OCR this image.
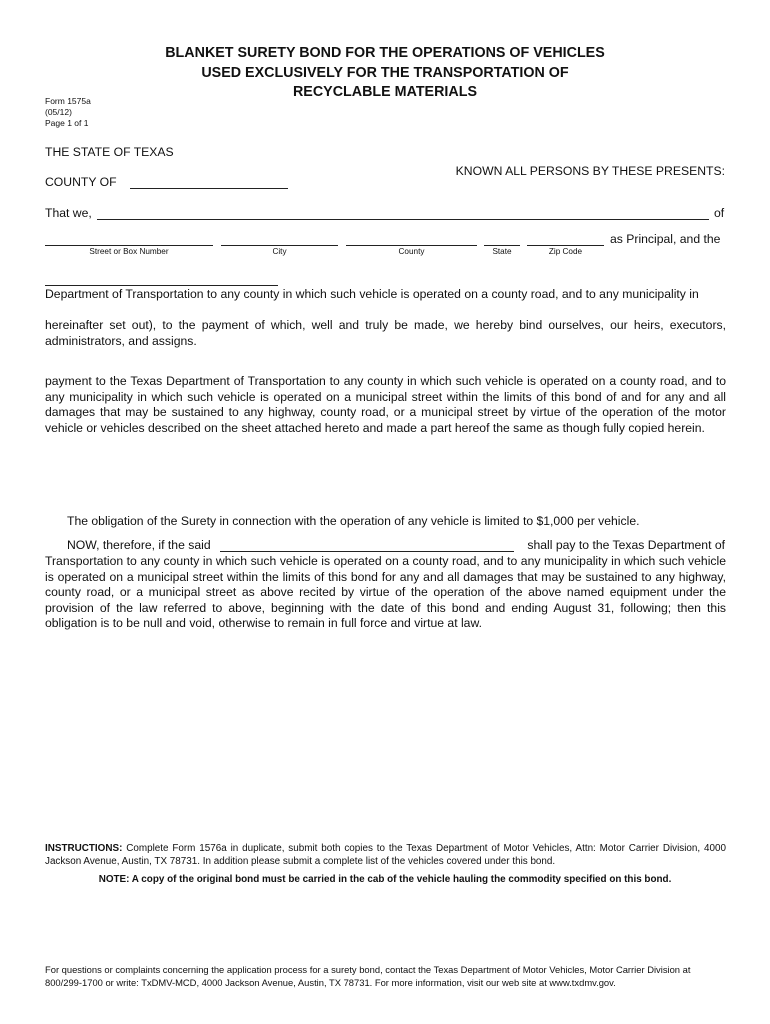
BLANKET SURETY BOND FOR THE OPERATIONS OF VEHICLES
USED EXCLUSIVELY FOR THE TRANSPORTATION OF
RECYCLABLE MATERIALS
Form 1575a
(05/12)
Page 1 of 1
THE STATE OF TEXAS
KNOWN ALL PERSONS BY THESE PRESENTS:
COUNTY OF
That we,	of
as Principal, and the
Street or Box Number	City	County	State	Zip Code
Department of Transportation to any county in which such vehicle is operated on a county road, and to any municipality in
hereinafter set out), to the payment of which, well and truly be made, we hereby bind ourselves, our heirs, executors, administrators, and assigns.
payment to the Texas Department of Transportation to any county in which such vehicle is operated on a county road, and to any municipality in which such vehicle is operated on a municipal street within the limits of this bond of and for any and all damages that may be sustained to any highway, county road, or a municipal street by virtue of the operation of the motor vehicle or vehicles described on the sheet attached hereto and made a part hereof the same as though fully copied herein.
The obligation of the Surety in connection with the operation of any vehicle is limited to $1,000 per vehicle.
NOW, therefore, if the said	shall pay to the Texas Department of
Transportation to any county in which such vehicle is operated on a county road, and to any municipality in which such vehicle is operated on a municipal street within the limits of this bond for any and all damages that may be sustained to any highway, county road, or a municipal street as above recited by virtue of the operation of the above named equipment under the provision of the law referred to above, beginning with the date of this bond and ending August 31, following; then this obligation is to be null and void, otherwise to remain in full force and virtue at law.
INSTRUCTIONS: Complete Form 1576a in duplicate, submit both copies to the Texas Department of Motor Vehicles, Attn: Motor Carrier Division, 4000 Jackson Avenue, Austin, TX 78731. In addition please submit a complete list of the vehicles covered under this bond.
NOTE: A copy of the original bond must be carried in the cab of the vehicle hauling the commodity specified on this bond.
For questions or complaints concerning the application process for a surety bond, contact the Texas Department of Motor Vehicles, Motor Carrier Division at 800/299-1700 or write: TxDMV-MCD, 4000 Jackson Avenue, Austin, TX 78731. For more information, visit our web site at www.txdmv.gov.
